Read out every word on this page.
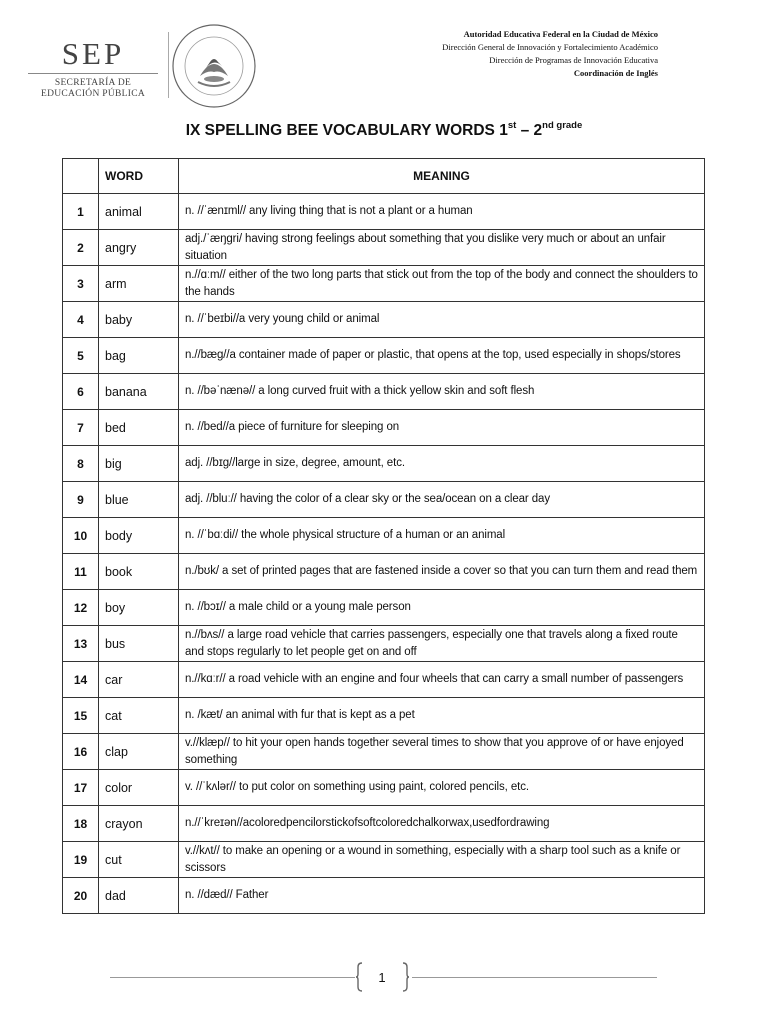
SEP
SECRETARÍA DE
EDUCACIÓN PÚBLICA
Autoridad Educativa Federal en la Ciudad de México
Dirección General de Innovación y Fortalecimiento Académico
Dirección de Programas de Innovación Educativa
Coordinación de Inglés
IX SPELLING BEE VOCABULARY WORDS $1st - 2^{nd grade}$
	WORD	MEANING
1	animal	n. //ˈænɪml// any living thing that is not a plant or a human
2	angry	adj./ˈæŋɡri/ having strong feelings about something that you dislike very much or about an unfair situation
3	arm	n.//ɑːm// either of the two long parts that stick out from the top of the body and connect the shoulders to the hands
4	baby	n. //ˈbeɪbi//a very young child or animal
5	bag	n.//bæɡ//a container made of paper or plastic, that opens at the top, used especially in shops/stores
6	banana	n. //bəˈnænə// a long curved fruit with a thick yellow skin and soft flesh
7	bed	n. //bed//a piece of furniture for sleeping on
8	big	adj. //bɪɡ//large in size, degree, amount, etc.
9	blue	adj. //bluː// having the color of a clear sky or the sea/ocean on a clear day
10	body	n. //ˈbɑːdi// the whole physical structure of a human or an animal
11	book	n./bʊk/ a set of printed pages that are fastened inside a cover so that you can turn them and read them
12	boy	n. //bɔɪ// a male child or a young male person
13	bus	n.//bʌs// a large road vehicle that carries passengers, especially one that travels along a fixed route and stops regularly to let people get on and off
14	car	n.//kɑːr// a road vehicle with an engine and four wheels that can carry a small number of passengers
15	cat	n. /kæt/ an animal with fur that is kept as a pet
16	clap	v.//klæp// to hit your open hands together several times to show that you approve of or have enjoyed something
17	color	v. //ˈkʌlər// to put color on something using paint, colored pencils, etc.
18	crayon	n.//ˈkreɪən//acoloredpencilorstickofsoftcoloredchalkorwax,usedfordrawing
19	cut	v.//kʌt// to make an opening or a wound in something, especially with a sharp tool such as a knife or scissors
20	dad	n. //dæd// Father
1
